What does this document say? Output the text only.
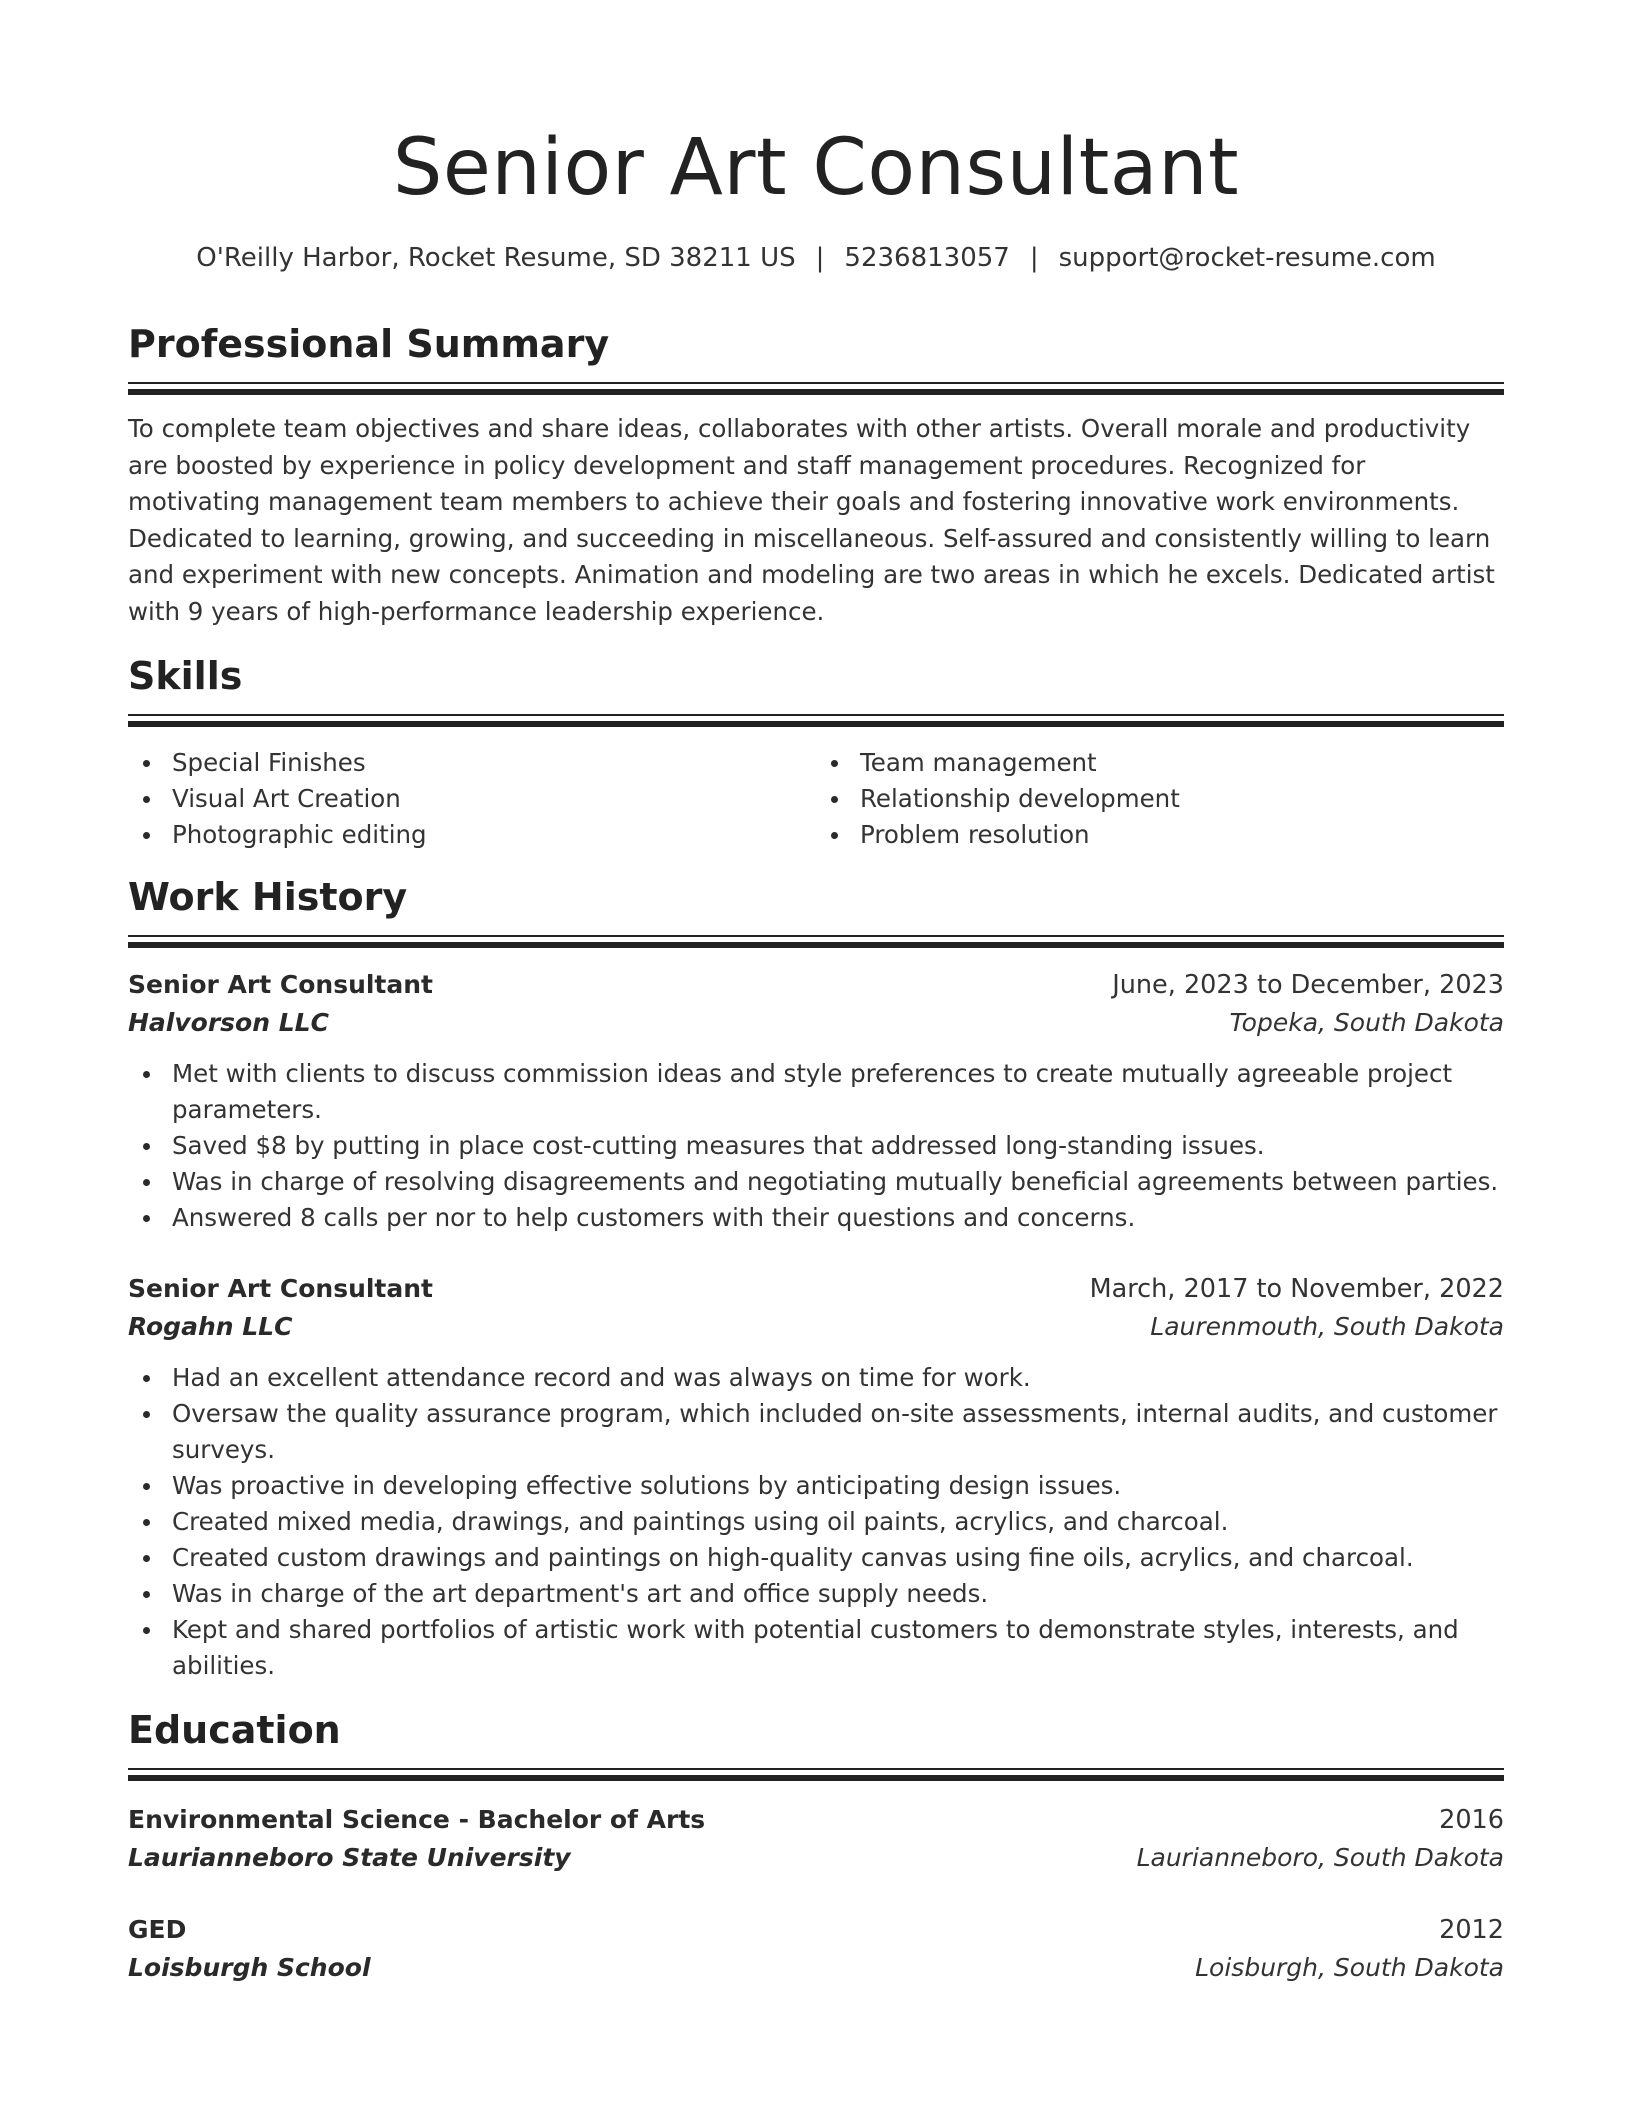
Senior Art Consultant
O'Reilly Harbor, Rocket Resume, SD 38211 US | 5236813057 | support@rocket-resume.com
Professional Summary

To complete team objectives and share ideas, collaborates with other artists. Overall morale and productivity are boosted by experience in policy development and staff management procedures. Recognized for motivating management team members to achieve their goals and fostering innovative work environments. Dedicated to learning, growing, and succeeding in miscellaneous. Self-assured and consistently willing to learn and experiment with new concepts. Animation and modeling are two areas in which he excels. Dedicated artist with 9 years of high-performance leadership experience.

Skills
Special Finishes
Visual Art Creation
Photographic editing
Team management
Relationship development
Problem resolution
Work History
Senior Art Consultant	June, 2023 to December, 2023
Halvorson LLC	Topeka, South Dakota
Met with clients to discuss commission ideas and style preferences to create mutually agreeable project parameters.
Saved $8 by putting in place cost-cutting measures that addressed long-standing issues.
Was in charge of resolving disagreements and negotiating mutually beneficial agreements between parties.
Answered 8 calls per nor to help customers with their questions and concerns.
Senior Art Consultant	March, 2017 to November, 2022
Rogahn LLC	Laurenmouth, South Dakota
Had an excellent attendance record and was always on time for work.
Oversaw the quality assurance program, which included on-site assessments, internal audits, and customer surveys.
Was proactive in developing effective solutions by anticipating design issues.
Created mixed media, drawings, and paintings using oil paints, acrylics, and charcoal.
Created custom drawings and paintings on high-quality canvas using fine oils, acrylics, and charcoal.
Was in charge of the art department's art and office supply needs.
Kept and shared portfolios of artistic work with potential customers to demonstrate styles, interests, and abilities.
Education
Environmental Science - Bachelor of Arts	2016
Laurianneboro State University	Laurianneboro, South Dakota
GED	2012
Loisburgh School	Loisburgh, South Dakota
